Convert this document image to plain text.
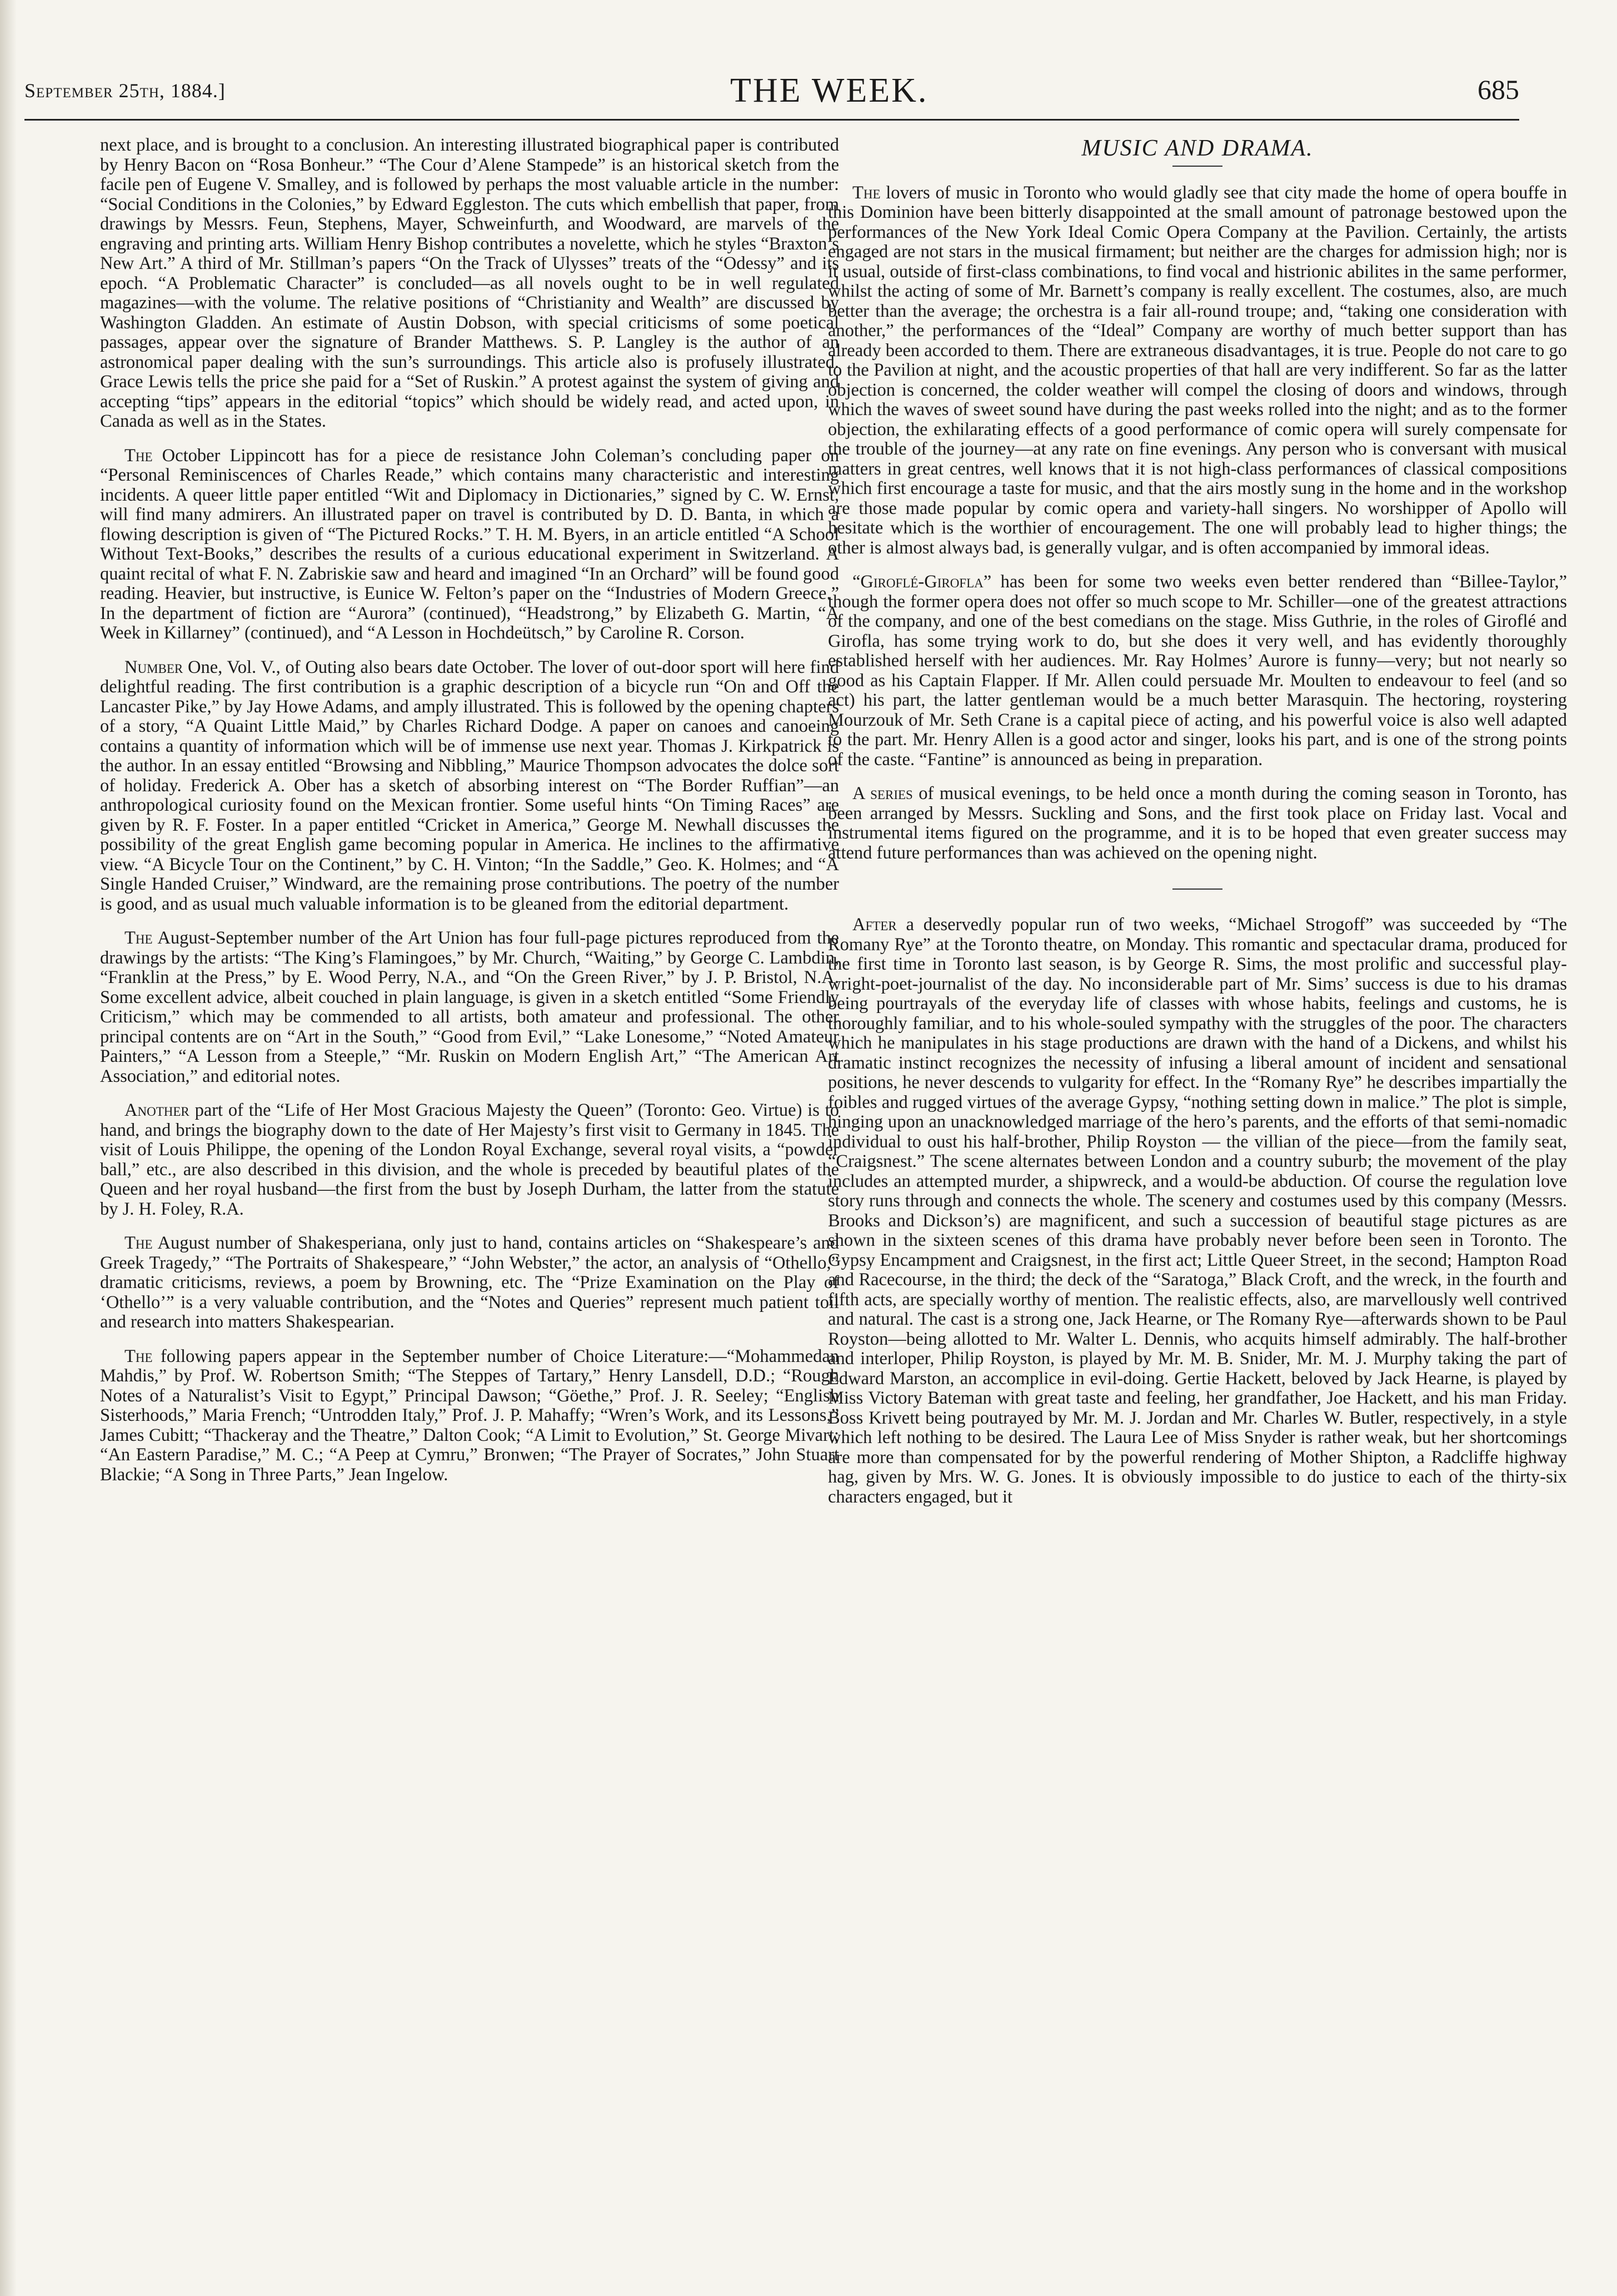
September 25th, 1884.]	THE WEEK.	685

next place, and is brought to a conclusion. An interesting illustrated biographical paper is contributed by Henry Bacon on “Rosa Bonheur.” “The Cour d’Alene Stampede” is an historical sketch from the facile pen of Eugene V. Smalley, and is followed by perhaps the most valuable article in the number: “Social Conditions in the Colonies,” by Edward Eggleston. The cuts which embellish that paper, from drawings by Messrs. Feun, Stephens, Mayer, Schweinfurth, and Woodward, are marvels of the engraving and printing arts. William Henry Bishop contributes a novelette, which he styles “Braxton’s New Art.” A third of Mr. Stillman’s papers “On the Track of Ulysses” treats of the “Odessy” and its epoch. “A Problematic Character” is concluded—as all novels ought to be in well regulated magazines—with the volume. The relative positions of “Christianity and Wealth” are discussed by Washington Gladden. An estimate of Austin Dobson, with special criticisms of some poetical passages, appear over the signature of Brander Matthews. S. P. Langley is the author of an astronomical paper dealing with the sun’s surroundings. This article also is profusely illustrated. Grace Lewis tells the price she paid for a “Set of Ruskin.” A protest against the system of giving and accepting “tips” appears in the editorial “topics” which should be widely read, and acted upon, in Canada as well as in the States.

The October Lippincott has for a piece de resistance John Coleman’s concluding paper on “Personal Reminiscences of Charles Reade,” which contains many characteristic and interesting incidents. A queer little paper entitled “Wit and Diplomacy in Dictionaries,” signed by C. W. Ernst, will find many admirers. An illustrated paper on travel is contributed by D. D. Banta, in which a flowing description is given of “The Pictured Rocks.” T. H. M. Byers, in an article entitled “A School Without Text-Books,” describes the results of a curious educational experiment in Switzerland. A quaint recital of what F. N. Zabriskie saw and heard and imagined “In an Orchard” will be found good reading. Heavier, but instructive, is Eunice W. Felton’s paper on the “Industries of Modern Greece.” In the department of fiction are “Aurora” (continued), “Headstrong,” by Elizabeth G. Martin, “A Week in Killarney” (continued), and “A Lesson in Hochdeütsch,” by Caroline R. Corson.

Number One, Vol. V., of Outing also bears date October. The lover of out-door sport will here find delightful reading. The first contribution is a graphic description of a bicycle run “On and Off the Lancaster Pike,” by Jay Howe Adams, and amply illustrated. This is followed by the opening chapters of a story, “A Quaint Little Maid,” by Charles Richard Dodge. A paper on canoes and canoeing contains a quantity of information which will be of immense use next year. Thomas J. Kirkpatrick is the author. In an essay entitled “Browsing and Nibbling,” Maurice Thompson advocates the dolce sort of holiday. Frederick A. Ober has a sketch of absorbing interest on “The Border Ruffian”—an anthropological curiosity found on the Mexican frontier. Some useful hints “On Timing Races” are given by R. F. Foster. In a paper entitled “Cricket in America,” George M. Newhall discusses the possibility of the great English game becoming popular in America. He inclines to the affirmative view. “A Bicycle Tour on the Continent,” by C. H. Vinton; “In the Saddle,” Geo. K. Holmes; and “A Single Handed Cruiser,” Windward, are the remaining prose contributions. The poetry of the number is good, and as usual much valuable information is to be gleaned from the editorial department.

The August-September number of the Art Union has four full-page pictures reproduced from the drawings by the artists: “The King’s Flamingoes,” by Mr. Church, “Waiting,” by George C. Lambdin, “Franklin at the Press,” by E. Wood Perry, N.A., and “On the Green River,” by J. P. Bristol, N.A. Some excellent advice, albeit couched in plain language, is given in a sketch entitled “Some Friendly Criticism,” which may be commended to all artists, both amateur and professional. The other principal contents are on “Art in the South,” “Good from Evil,” “Lake Lonesome,” “Noted Amateur Painters,” “A Lesson from a Steeple,” “Mr. Ruskin on Modern English Art,” “The American Art Association,” and editorial notes.

Another part of the “Life of Her Most Gracious Majesty the Queen” (Toronto: Geo. Virtue) is to hand, and brings the biography down to the date of Her Majesty’s first visit to Germany in 1845. The visit of Louis Philippe, the opening of the London Royal Exchange, several royal visits, a “powder ball,” etc., are also described in this division, and the whole is preceded by beautiful plates of the Queen and her royal husband—the first from the bust by Joseph Durham, the latter from the statute by J. H. Foley, R.A.

The August number of Shakesperiana, only just to hand, contains articles on “Shakespeare’s and Greek Tragedy,” “The Portraits of Shakespeare,” “John Webster,” the actor, an analysis of “Othello,” dramatic criticisms, reviews, a poem by Browning, etc. The “Prize Examination on the Play of ‘Othello’” is a very valuable contribution, and the “Notes and Queries” represent much patient toil and research into matters Shakespearian.

The following papers appear in the September number of Choice Literature:—“Mohammedan Mahdis,” by Prof. W. Robertson Smith; “The Steppes of Tartary,” Henry Lansdell, D.D.; “Rough Notes of a Naturalist’s Visit to Egypt,” Principal Dawson; “Göethe,” Prof. J. R. Seeley; “English Sisterhoods,” Maria French; “Untrodden Italy,” Prof. J. P. Mahaffy; “Wren’s Work, and its Lessons,” James Cubitt; “Thackeray and the Theatre,” Dalton Cook; “A Limit to Evolution,” St. George Mivart; “An Eastern Paradise,” M. C.; “A Peep at Cymru,” Bronwen; “The Prayer of Socrates,” John Stuart Blackie; “A Song in Three Parts,” Jean Ingelow.

MUSIC AND DRAMA.

The lovers of music in Toronto who would gladly see that city made the home of opera bouffe in this Dominion have been bitterly disappointed at the small amount of patronage bestowed upon the performances of the New York Ideal Comic Opera Company at the Pavilion. Certainly, the artists engaged are not stars in the musical firmament; but neither are the charges for admission high; nor is it usual, outside of first-class combinations, to find vocal and histrionic abilites in the same performer, whilst the acting of some of Mr. Barnett’s company is really excellent. The costumes, also, are much better than the average; the orchestra is a fair all-round troupe; and, “taking one consideration with another,” the performances of the “Ideal” Company are worthy of much better support than has already been accorded to them. There are extraneous disadvantages, it is true. People do not care to go to the Pavilion at night, and the acoustic properties of that hall are very indifferent. So far as the latter objection is concerned, the colder weather will compel the closing of doors and windows, through which the waves of sweet sound have during the past weeks rolled into the night; and as to the former objection, the exhilarating effects of a good performance of comic opera will surely compensate for the trouble of the journey—at any rate on fine evenings. Any person who is conversant with musical matters in great centres, well knows that it is not high-class performances of classical compositions which first encourage a taste for music, and that the airs mostly sung in the home and in the workshop are those made popular by comic opera and variety-hall singers. No worshipper of Apollo will hesitate which is the worthier of encouragement. The one will probably lead to higher things; the other is almost always bad, is generally vulgar, and is often accompanied by immoral ideas.

“Giroflé-Girofla” has been for some two weeks even better rendered than “Billee-Taylor,” though the former opera does not offer so much scope to Mr. Schiller—one of the greatest attractions of the company, and one of the best comedians on the stage. Miss Guthrie, in the roles of Giroflé and Girofla, has some trying work to do, but she does it very well, and has evidently thoroughly established herself with her audiences. Mr. Ray Holmes’ Aurore is funny—very; but not nearly so good as his Captain Flapper. If Mr. Allen could persuade Mr. Moulten to endeavour to feel (and so act) his part, the latter gentleman would be a much better Marasquin. The hectoring, roystering Mourzouk of Mr. Seth Crane is a capital piece of acting, and his powerful voice is also well adapted to the part. Mr. Henry Allen is a good actor and singer, looks his part, and is one of the strong points of the caste. “Fantine” is announced as being in preparation.

A series of musical evenings, to be held once a month during the coming season in Toronto, has been arranged by Messrs. Suckling and Sons, and the first took place on Friday last. Vocal and instrumental items figured on the programme, and it is to be hoped that even greater success may attend future performances than was achieved on the opening night.

After a deservedly popular run of two weeks, “Michael Strogoff” was succeeded by “The Romany Rye” at the Toronto theatre, on Monday. This romantic and spectacular drama, produced for the first time in Toronto last season, is by George R. Sims, the most prolific and successful play-wright-poet-journalist of the day. No inconsiderable part of Mr. Sims’ success is due to his dramas being pourtrayals of the everyday life of classes with whose habits, feelings and customs, he is thoroughly familiar, and to his whole-souled sympathy with the struggles of the poor. The characters which he manipulates in his stage productions are drawn with the hand of a Dickens, and whilst his dramatic instinct recognizes the necessity of infusing a liberal amount of incident and sensational positions, he never descends to vulgarity for effect. In the “Romany Rye” he describes impartially the foibles and rugged virtues of the average Gypsy, “nothing setting down in malice.” The plot is simple, hinging upon an unacknowledged marriage of the hero’s parents, and the efforts of that semi-nomadic individual to oust his half-brother, Philip Royston — the villian of the piece—from the family seat, “Craigsnest.” The scene alternates between London and a country suburb; the movement of the play includes an attempted murder, a shipwreck, and a would-be abduction. Of course the regulation love story runs through and connects the whole. The scenery and costumes used by this company (Messrs. Brooks and Dickson’s) are magnificent, and such a succession of beautiful stage pictures as are shown in the sixteen scenes of this drama have probably never before been seen in Toronto. The Gypsy Encampment and Craigsnest, in the first act; Little Queer Street, in the second; Hampton Road and Racecourse, in the third; the deck of the “Saratoga,” Black Croft, and the wreck, in the fourth and fifth acts, are specially worthy of mention. The realistic effects, also, are marvellously well contrived and natural. The cast is a strong one, Jack Hearne, or The Romany Rye—afterwards shown to be Paul Royston—being allotted to Mr. Walter L. Dennis, who acquits himself admirably. The half-brother and interloper, Philip Royston, is played by Mr. M. B. Snider, Mr. M. J. Murphy taking the part of Edward Marston, an accomplice in evil-doing. Gertie Hackett, beloved by Jack Hearne, is played by Miss Victory Bateman with great taste and feeling, her grandfather, Joe Hackett, and his man Friday. Boss Krivett being poutrayed by Mr. M. J. Jordan and Mr. Charles W. Butler, respectively, in a style which left nothing to be desired. The Laura Lee of Miss Snyder is rather weak, but her shortcomings are more than compensated for by the powerful rendering of Mother Shipton, a Radcliffe highway hag, given by Mrs. W. G. Jones. It is obviously impossible to do justice to each of the thirty-six characters engaged, but it
